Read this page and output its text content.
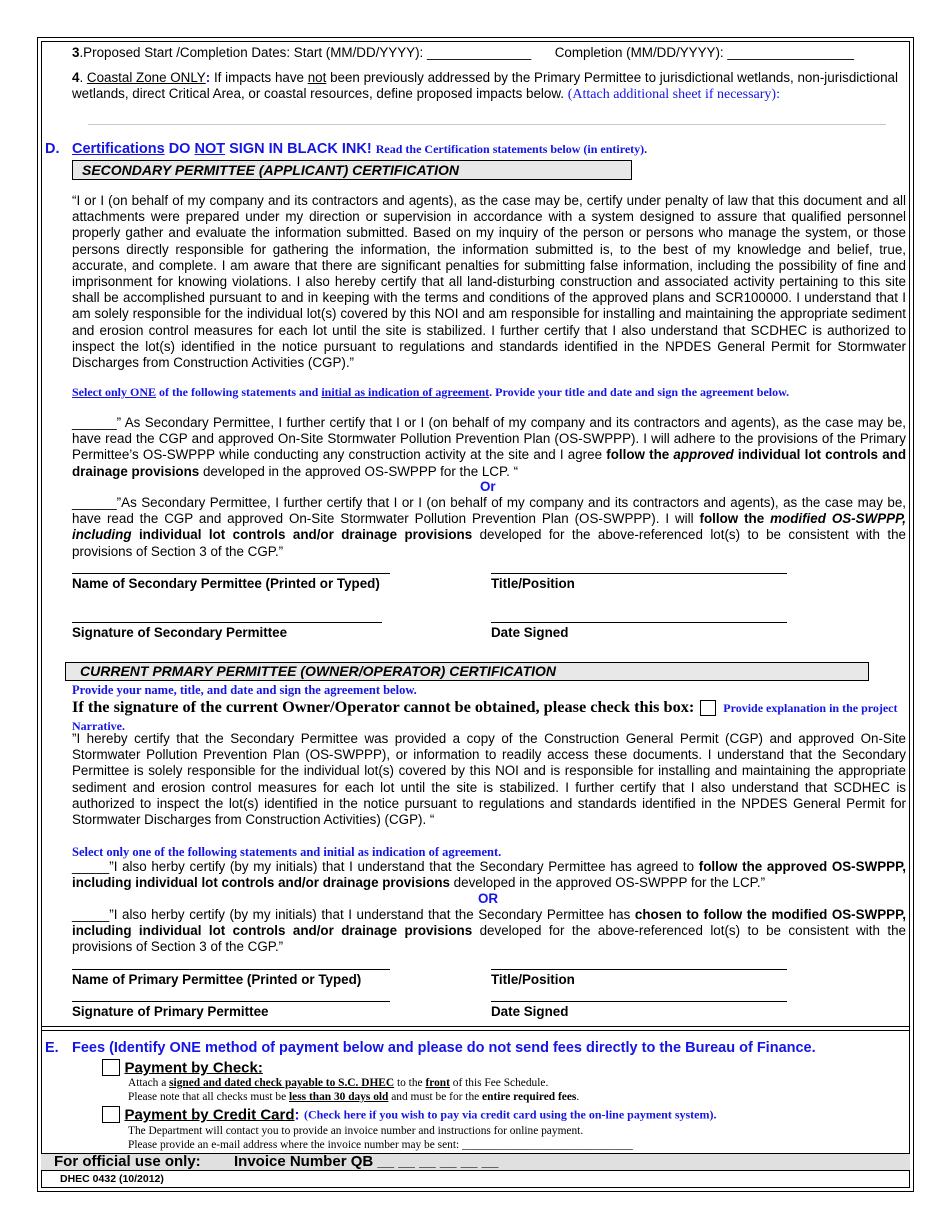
3.Proposed Start /Completion Dates: Start (MM/DD/YYYY): ______________ Completion (MM/DD/YYYY): _________________
4. Coastal Zone ONLY: If impacts have not been previously addressed by the Primary Permittee to jurisdictional wetlands, non-jurisdictional wetlands, direct Critical Area, or coastal resources, define proposed impacts below. (Attach additional sheet if necessary):
D. Certifications DO NOT SIGN IN BLACK INK! Read the Certification statements below (in entirety).
SECONDARY PERMITTEE (APPLICANT) CERTIFICATION
“I or I (on behalf of my company and its contractors and agents), as the case may be, certify under penalty of law that this document and all attachments were prepared under my direction or supervision in accordance with a system designed to assure that qualified personnel properly gather and evaluate the information submitted. Based on my inquiry of the person or persons who manage the system, or those persons directly responsible for gathering the information, the information submitted is, to the best of my knowledge and belief, true, accurate, and complete. I am aware that there are significant penalties for submitting false information, including the possibility of fine and imprisonment for knowing violations. I also hereby certify that all land-disturbing construction and associated activity pertaining to this site shall be accomplished pursuant to and in keeping with the terms and conditions of the approved plans and SCR100000. I understand that I am solely responsible for the individual lot(s) covered by this NOI and am responsible for installing and maintaining the appropriate sediment and erosion control measures for each lot until the site is stabilized. I further certify that I also understand that SCDHEC is authorized to inspect the lot(s) identified in the notice pursuant to regulations and standards identified in the NPDES General Permit for Stormwater Discharges from Construction Activities (CGP).”
Select only ONE of the following statements and initial as indication of agreement. Provide your title and date and sign the agreement below.
______” As Secondary Permittee, I further certify that I or I (on behalf of my company and its contractors and agents), as the case may be, have read the CGP and approved On-Site Stormwater Pollution Prevention Plan (OS-SWPPP). I will adhere to the provisions of the Primary Permittee’s OS-SWPPP while conducting any construction activity at the site and I agree follow the approved individual lot controls and drainage provisions developed in the approved OS-SWPPP for the LCP. “
Or
______”As Secondary Permittee, I further certify that I or I (on behalf of my company and its contractors and agents), as the case may be, have read the CGP and approved On-Site Stormwater Pollution Prevention Plan (OS-SWPPP). I will follow the modified OS-SWPPP, including individual lot controls and/or drainage provisions developed for the above-referenced lot(s) to be consistent with the provisions of Section 3 of the CGP.”
Name of Secondary Permittee (Printed or Typed)	Title/Position
Signature of Secondary Permittee	Date Signed
CURRENT PRMARY PERMITTEE (OWNER/OPERATOR) CERTIFICATION
Provide your name, title, and date and sign the agreement below.
If the signature of the current Owner/Operator cannot be obtained, please check this box: Provide explanation in the project Narrative.
”I hereby certify that the Secondary Permittee was provided a copy of the Construction General Permit (CGP) and approved On-Site Stormwater Pollution Prevention Plan (OS-SWPPP), or information to readily access these documents. I understand that the Secondary Permittee is solely responsible for the individual lot(s) covered by this NOI and is responsible for installing and maintaining the appropriate sediment and erosion control measures for each lot until the site is stabilized. I further certify that I also understand that SCDHEC is authorized to inspect the lot(s) identified in the notice pursuant to regulations and standards identified in the NPDES General Permit for Stormwater Discharges from Construction Activities) (CGP). “
Select only one of the following statements and initial as indication of agreement.
_____”I also herby certify (by my initials) that I understand that the Secondary Permittee has agreed to follow the approved OS-SWPPP, including individual lot controls and/or drainage provisions developed in the approved OS-SWPPP for the LCP.”
OR
_____”I also herby certify (by my initials) that I understand that the Secondary Permittee has chosen to follow the modified OS-SWPPP, including individual lot controls and/or drainage provisions developed for the above-referenced lot(s) to be consistent with the provisions of Section 3 of the CGP.”
Name of Primary Permittee (Printed or Typed)	Title/Position
Signature of Primary Permittee	Date Signed
E. Fees (Identify ONE method of payment below and please do not send fees directly to the Bureau of Finance.
Payment by Check:
Attach a signed and dated check payable to S.C. DHEC to the front of this Fee Schedule.
Please note that all checks must be less than 30 days old and must be for the entire required fees.
Payment by Credit Card: (Check here if you wish to pay via credit card using the on-line payment system).
The Department will contact you to provide an invoice number and instructions for online payment.
Please provide an e-mail address where the invoice number may be sent: ______________________________
For official use only: Invoice Number QB __ __ __ __ __ __
DHEC 0432 (10/2012)
